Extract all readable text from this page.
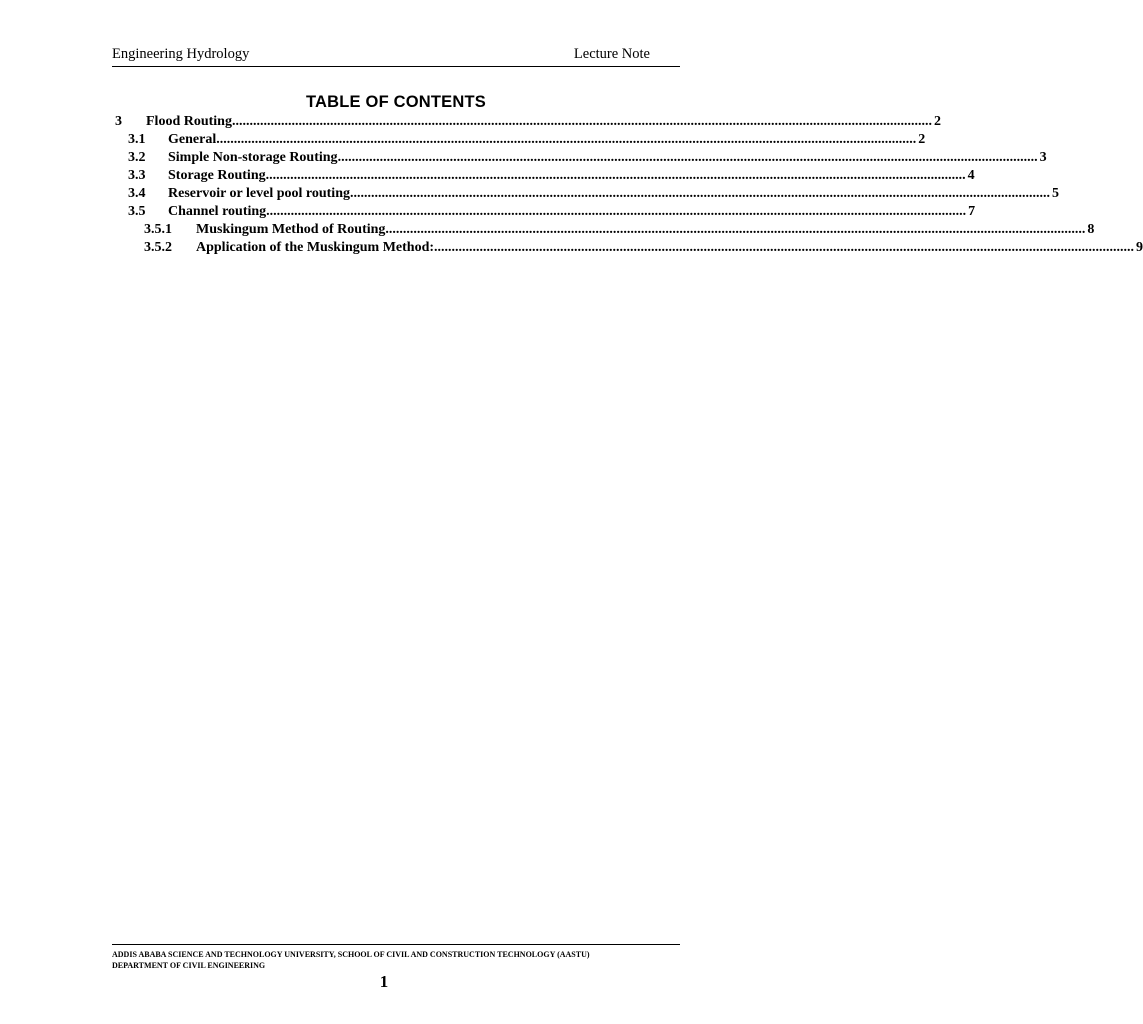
Engineering Hydrology	Lecture Note
TABLE OF CONTENTS
3	Flood Routing ........................................................................................................................................................................................................ 2
3.1	General ........................................................................................................................................................................................................ 2
3.2	Simple Non-storage Routing ........................................................................................................................................................................................................ 3
3.3	Storage Routing ........................................................................................................................................................................................................ 4
3.4	Reservoir or level pool routing ........................................................................................................................................................................................................ 5
3.5	Channel routing ........................................................................................................................................................................................................ 7
3.5.1	Muskingum Method of Routing ........................................................................................................................................................................................................ 8
3.5.2	Application of the Muskingum Method: ........................................................................................................................................................................................................ 9
ADDIS ABABA SCIENCE AND TECHNOLOGY UNIVERSITY, SCHOOL OF CIVIL AND CONSTRUCTION TECHNOLOGY (AASTU)
DEPARTMENT OF CIVIL ENGINEERING
1
